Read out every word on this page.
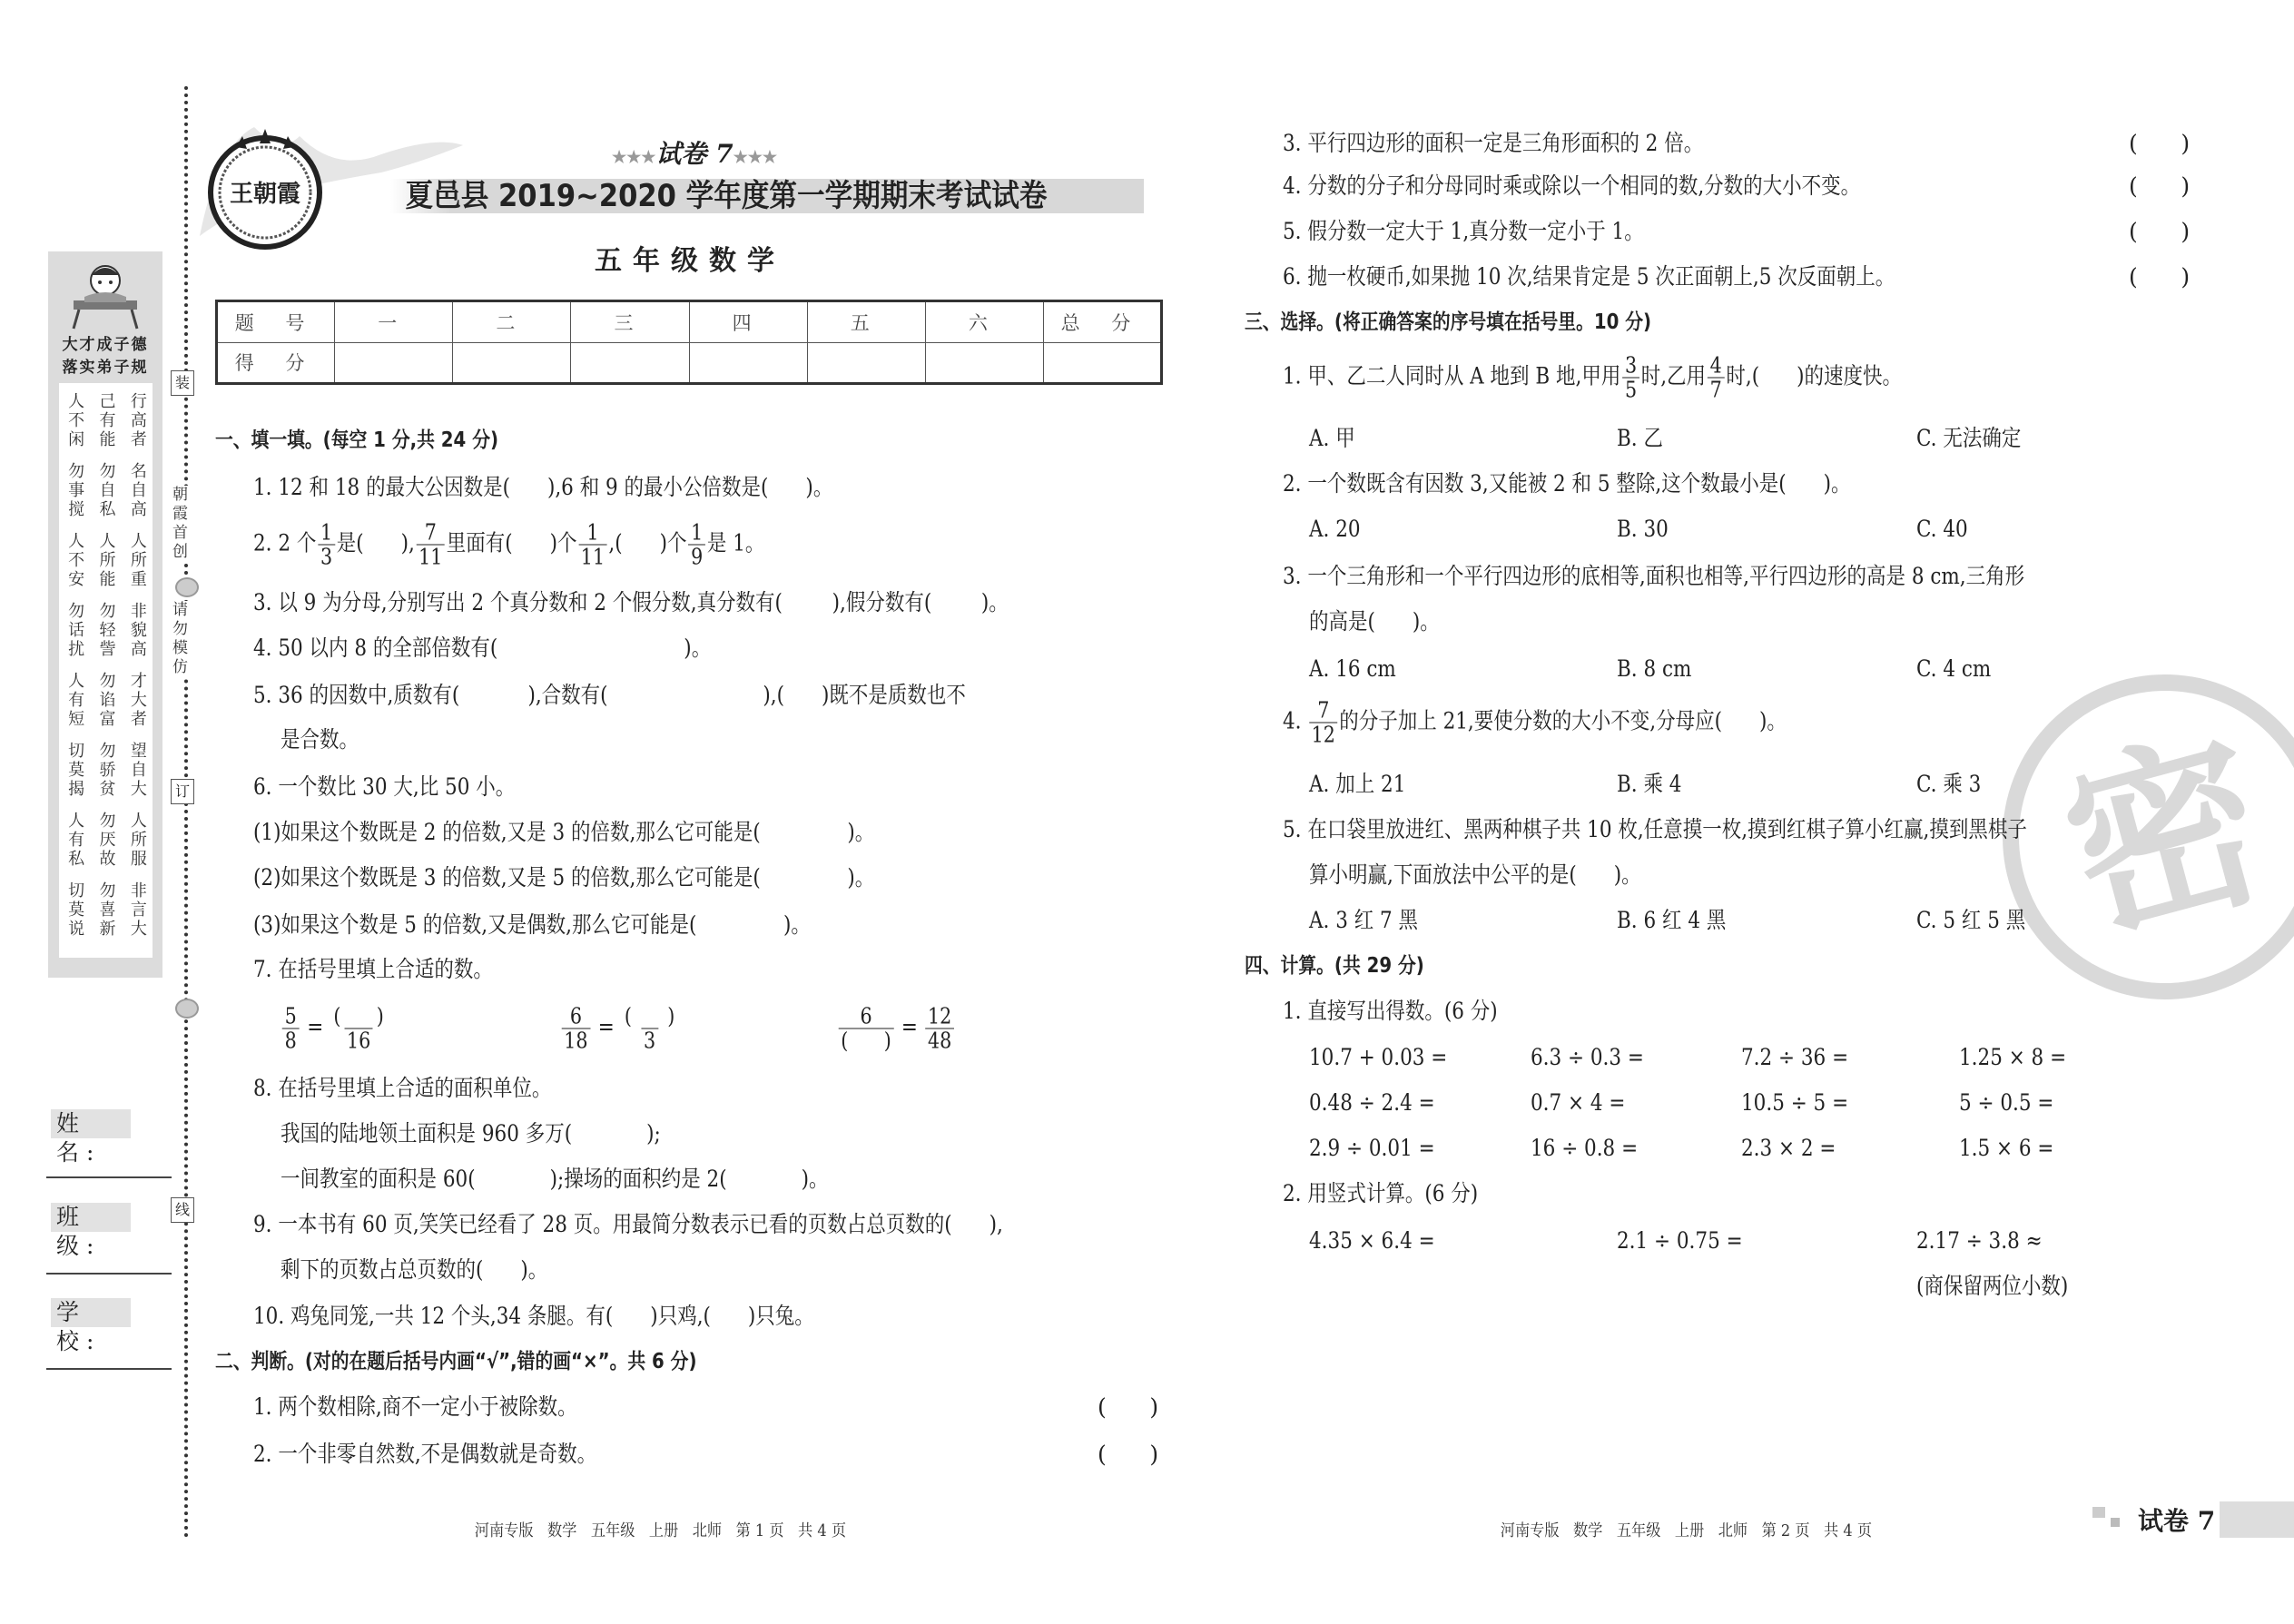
装
订
线
朝霞首创
请勿模仿
大才成子德
落实弟子规
人不闲 己有能 行高者
勿事搅 勿自私 名自高
人不安 人所能 人所重
勿话扰 勿轻訾 非貌高
人有短 勿谄富 才大者
切莫揭 勿骄贫 望自大
人有私 勿厌故 人所服
切莫说 勿喜新 非言大
姓 名:
班 级:
学 校:
王朝霞
★★★试卷 7★★★
夏邑县 2019~2020 学年度第一学期期末考试试卷
五年级数学
题 号	一	二	三	四	五	六	总 分
得 分							
密
一、填一填。(每空 1 分,共 24 分)
1. 12 和 18 的最大公因数是(      ),6 和 9 的最小公倍数是(      )。
2. 2 个 $\frac{1}{3}$ 是(      ), $\frac{7}{11}$ 里面有(      )个 $\frac{1}{11}$ ,(      )个 $\frac{1}{9}$ 是 1。
3. 以 9 为分母,分别写出 2 个真分数和 2 个假分数,真分数有(        ),假分数有(        )。
4. 50 以内 8 的全部倍数有(                              )。
5. 36 的因数中,质数有(           ),合数有(                         ),(      )既不是质数也不
是合数。
6. 一个数比 30 大,比 50 小。
(1)如果这个数既是 2 的倍数,又是 3 的倍数,那么它可能是(              )。
(2)如果这个数既是 3 的倍数,又是 5 的倍数,那么它可能是(              )。
(3)如果这个数是 5 的倍数,又是偶数,那么它可能是(              )。
7. 在括号里填上合适的数。
$\frac{5}{8} = \frac{( )}{16}$	$\frac{6}{18} = \frac{( )}{3}$	$\frac{6}{( )} = \frac{12}{48}$
8. 在括号里填上合适的面积单位。
我国的陆地领土面积是 960 多万(            );
一间教室的面积是 60(            );操场的面积约是 2(            )。
9. 一本书有 60 页,笑笑已经看了 28 页。用最简分数表示已看的页数占总页数的(      ),
剩下的页数占总页数的(      )。
10. 鸡兔同笼,一共 12 个头,34 条腿。有(      )只鸡,(      )只兔。
二、判断。(对的在题后括号内画“√”,错的画“×”。共 6 分)
1. 两个数相除,商不一定小于被除数。	(      )
2. 一个非零自然数,不是偶数就是奇数。	(      )
3. 平行四边形的面积一定是三角形面积的 2 倍。	(      )
4. 分数的分子和分母同时乘或除以一个相同的数,分数的大小不变。	(      )
5. 假分数一定大于 1,真分数一定小于 1。	(      )
6. 抛一枚硬币,如果抛 10 次,结果肯定是 5 次正面朝上,5 次反面朝上。	(      )
三、选择。(将正确答案的序号填在括号里。10 分)
1. 甲、乙二人同时从 A 地到 B 地,甲用 $\frac{3}{5}$ 时,乙用 $\frac{4}{7}$ 时,(      )的速度快。
A. 甲	B. 乙	C. 无法确定
2. 一个数既含有因数 3,又能被 2 和 5 整除,这个数最小是(      )。
A. 20	B. 30	C. 40
3. 一个三角形和一个平行四边形的底相等,面积也相等,平行四边形的高是 8 cm,三角形
的高是(      )。
A. 16 cm	B. 8 cm	C. 4 cm
4. $\frac{7}{12}$ 的分子加上 21,要使分数的大小不变,分母应(      )。
A. 加上 21	B. 乘 4	C. 乘 3
5. 在口袋里放进红、黑两种棋子共 10 枚,任意摸一枚,摸到红棋子算小红赢,摸到黑棋子
算小明赢,下面放法中公平的是(      )。
A. 3 红 7 黑	B. 6 红 4 黑	C. 5 红 5 黑
四、计算。(共 29 分)
1. 直接写出得数。(6 分)
10.7 + 0.03 =	6.3 ÷ 0.3 =	7.2 ÷ 36 =	1.25 × 8 =
0.48 ÷ 2.4 =	0.7 × 4 =	10.5 ÷ 5 =	5 ÷ 0.5 =
2.9 ÷ 0.01 =	16 ÷ 0.8 =	2.3 × 2 =	1.5 × 6 =
2. 用竖式计算。(6 分)
4.35 × 6.4 =	2.1 ÷ 0.75 =	2.17 ÷ 3.8 ≈
(商保留两位小数)
河南专版   数学   五年级   上册   北师   第 1 页   共 4 页	河南专版   数学   五年级   上册   北师   第 2 页   共 4 页	试卷 7
